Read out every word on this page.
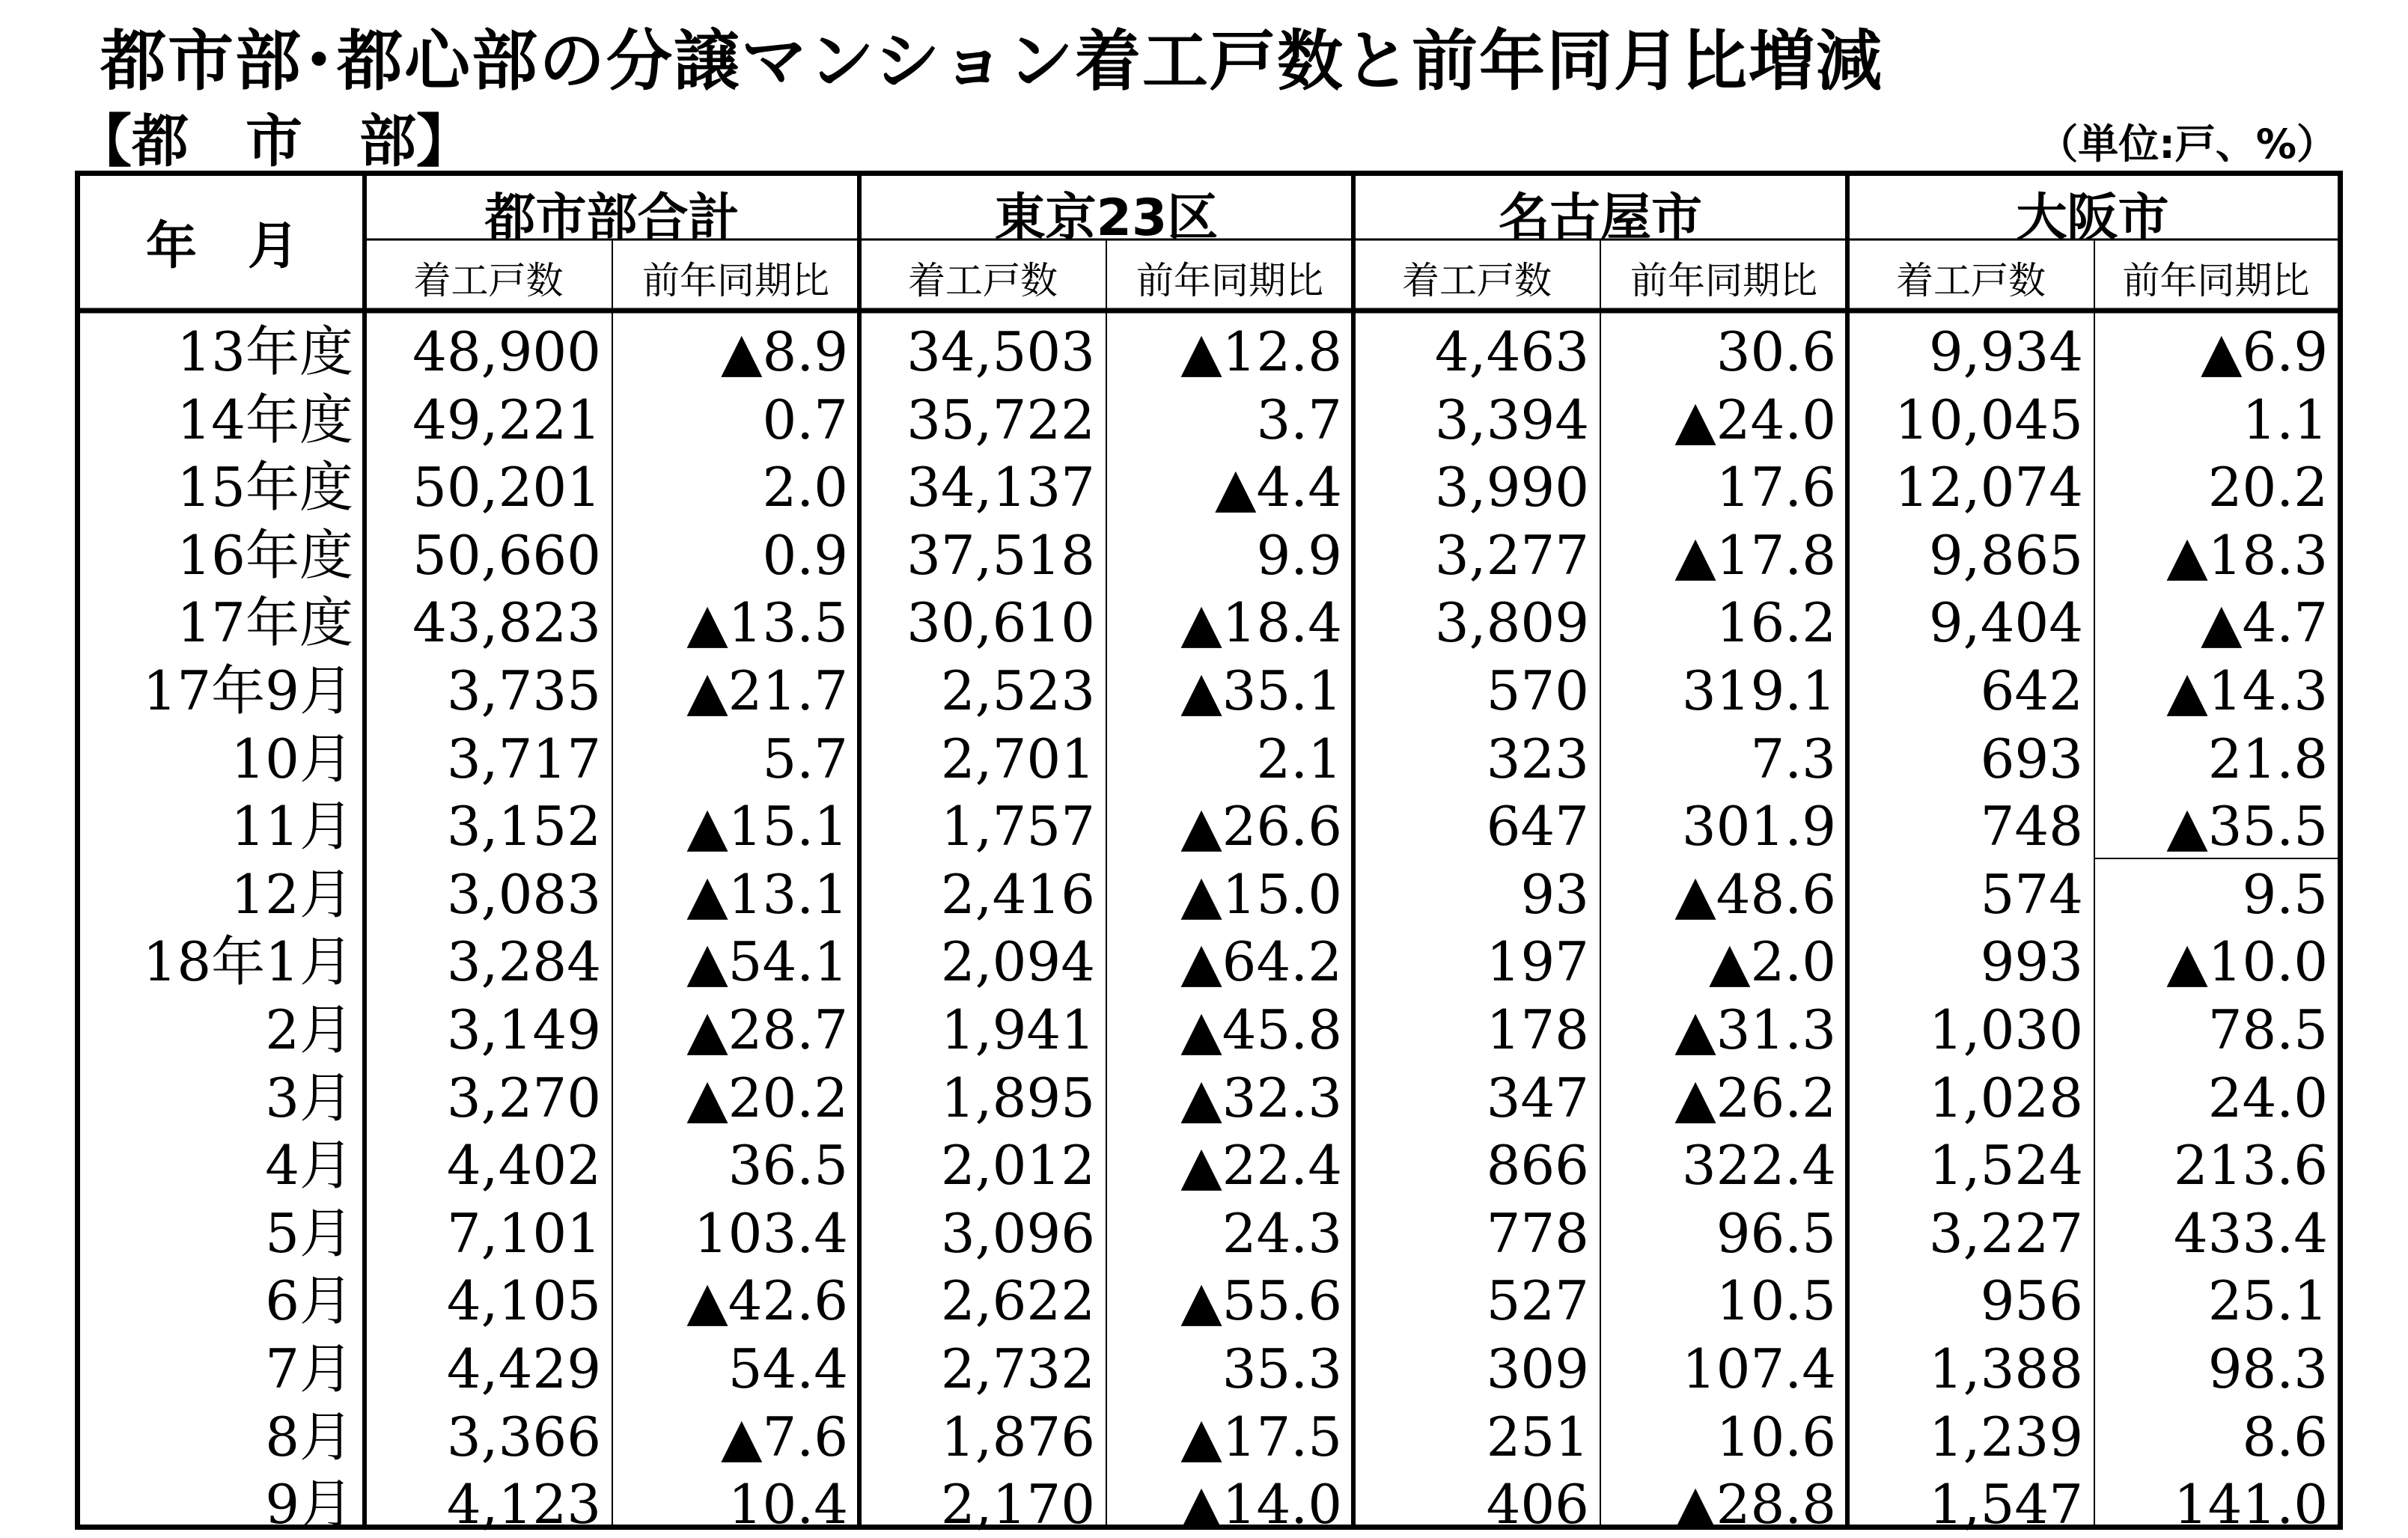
都市部･都心部の分譲マンション着工戸数と前年同月比増減
【都　市　部】	（単位:戸、%）
年　月	都市部合計	東京23区	名古屋市	大阪市
着工戸数	前年同期比	着工戸数	前年同期比	着工戸数	前年同期比	着工戸数	前年同期比
13年度	48,900	▲8.9	34,503	▲12.8	4,463	30.6	9,934	▲6.9
14年度	49,221	0.7	35,722	3.7	3,394	▲24.0	10,045	1.1
15年度	50,201	2.0	34,137	▲4.4	3,990	17.6	12,074	20.2
16年度	50,660	0.9	37,518	9.9	3,277	▲17.8	9,865	▲18.3
17年度	43,823	▲13.5	30,610	▲18.4	3,809	16.2	9,404	▲4.7
17年9月	3,735	▲21.7	2,523	▲35.1	570	319.1	642	▲14.3
10月	3,717	5.7	2,701	2.1	323	7.3	693	21.8
11月	3,152	▲15.1	1,757	▲26.6	647	301.9	748	▲35.5
12月	3,083	▲13.1	2,416	▲15.0	93	▲48.6	574	9.5
18年1月	3,284	▲54.1	2,094	▲64.2	197	▲2.0	993	▲10.0
2月	3,149	▲28.7	1,941	▲45.8	178	▲31.3	1,030	78.5
3月	3,270	▲20.2	1,895	▲32.3	347	▲26.2	1,028	24.0
4月	4,402	36.5	2,012	▲22.4	866	322.4	1,524	213.6
5月	7,101	103.4	3,096	24.3	778	96.5	3,227	433.4
6月	4,105	▲42.6	2,622	▲55.6	527	10.5	956	25.1
7月	4,429	54.4	2,732	35.3	309	107.4	1,388	98.3
8月	3,366	▲7.6	1,876	▲17.5	251	10.6	1,239	8.6
9月	4,123	10.4	2,170	▲14.0	406	▲28.8	1,547	141.0
